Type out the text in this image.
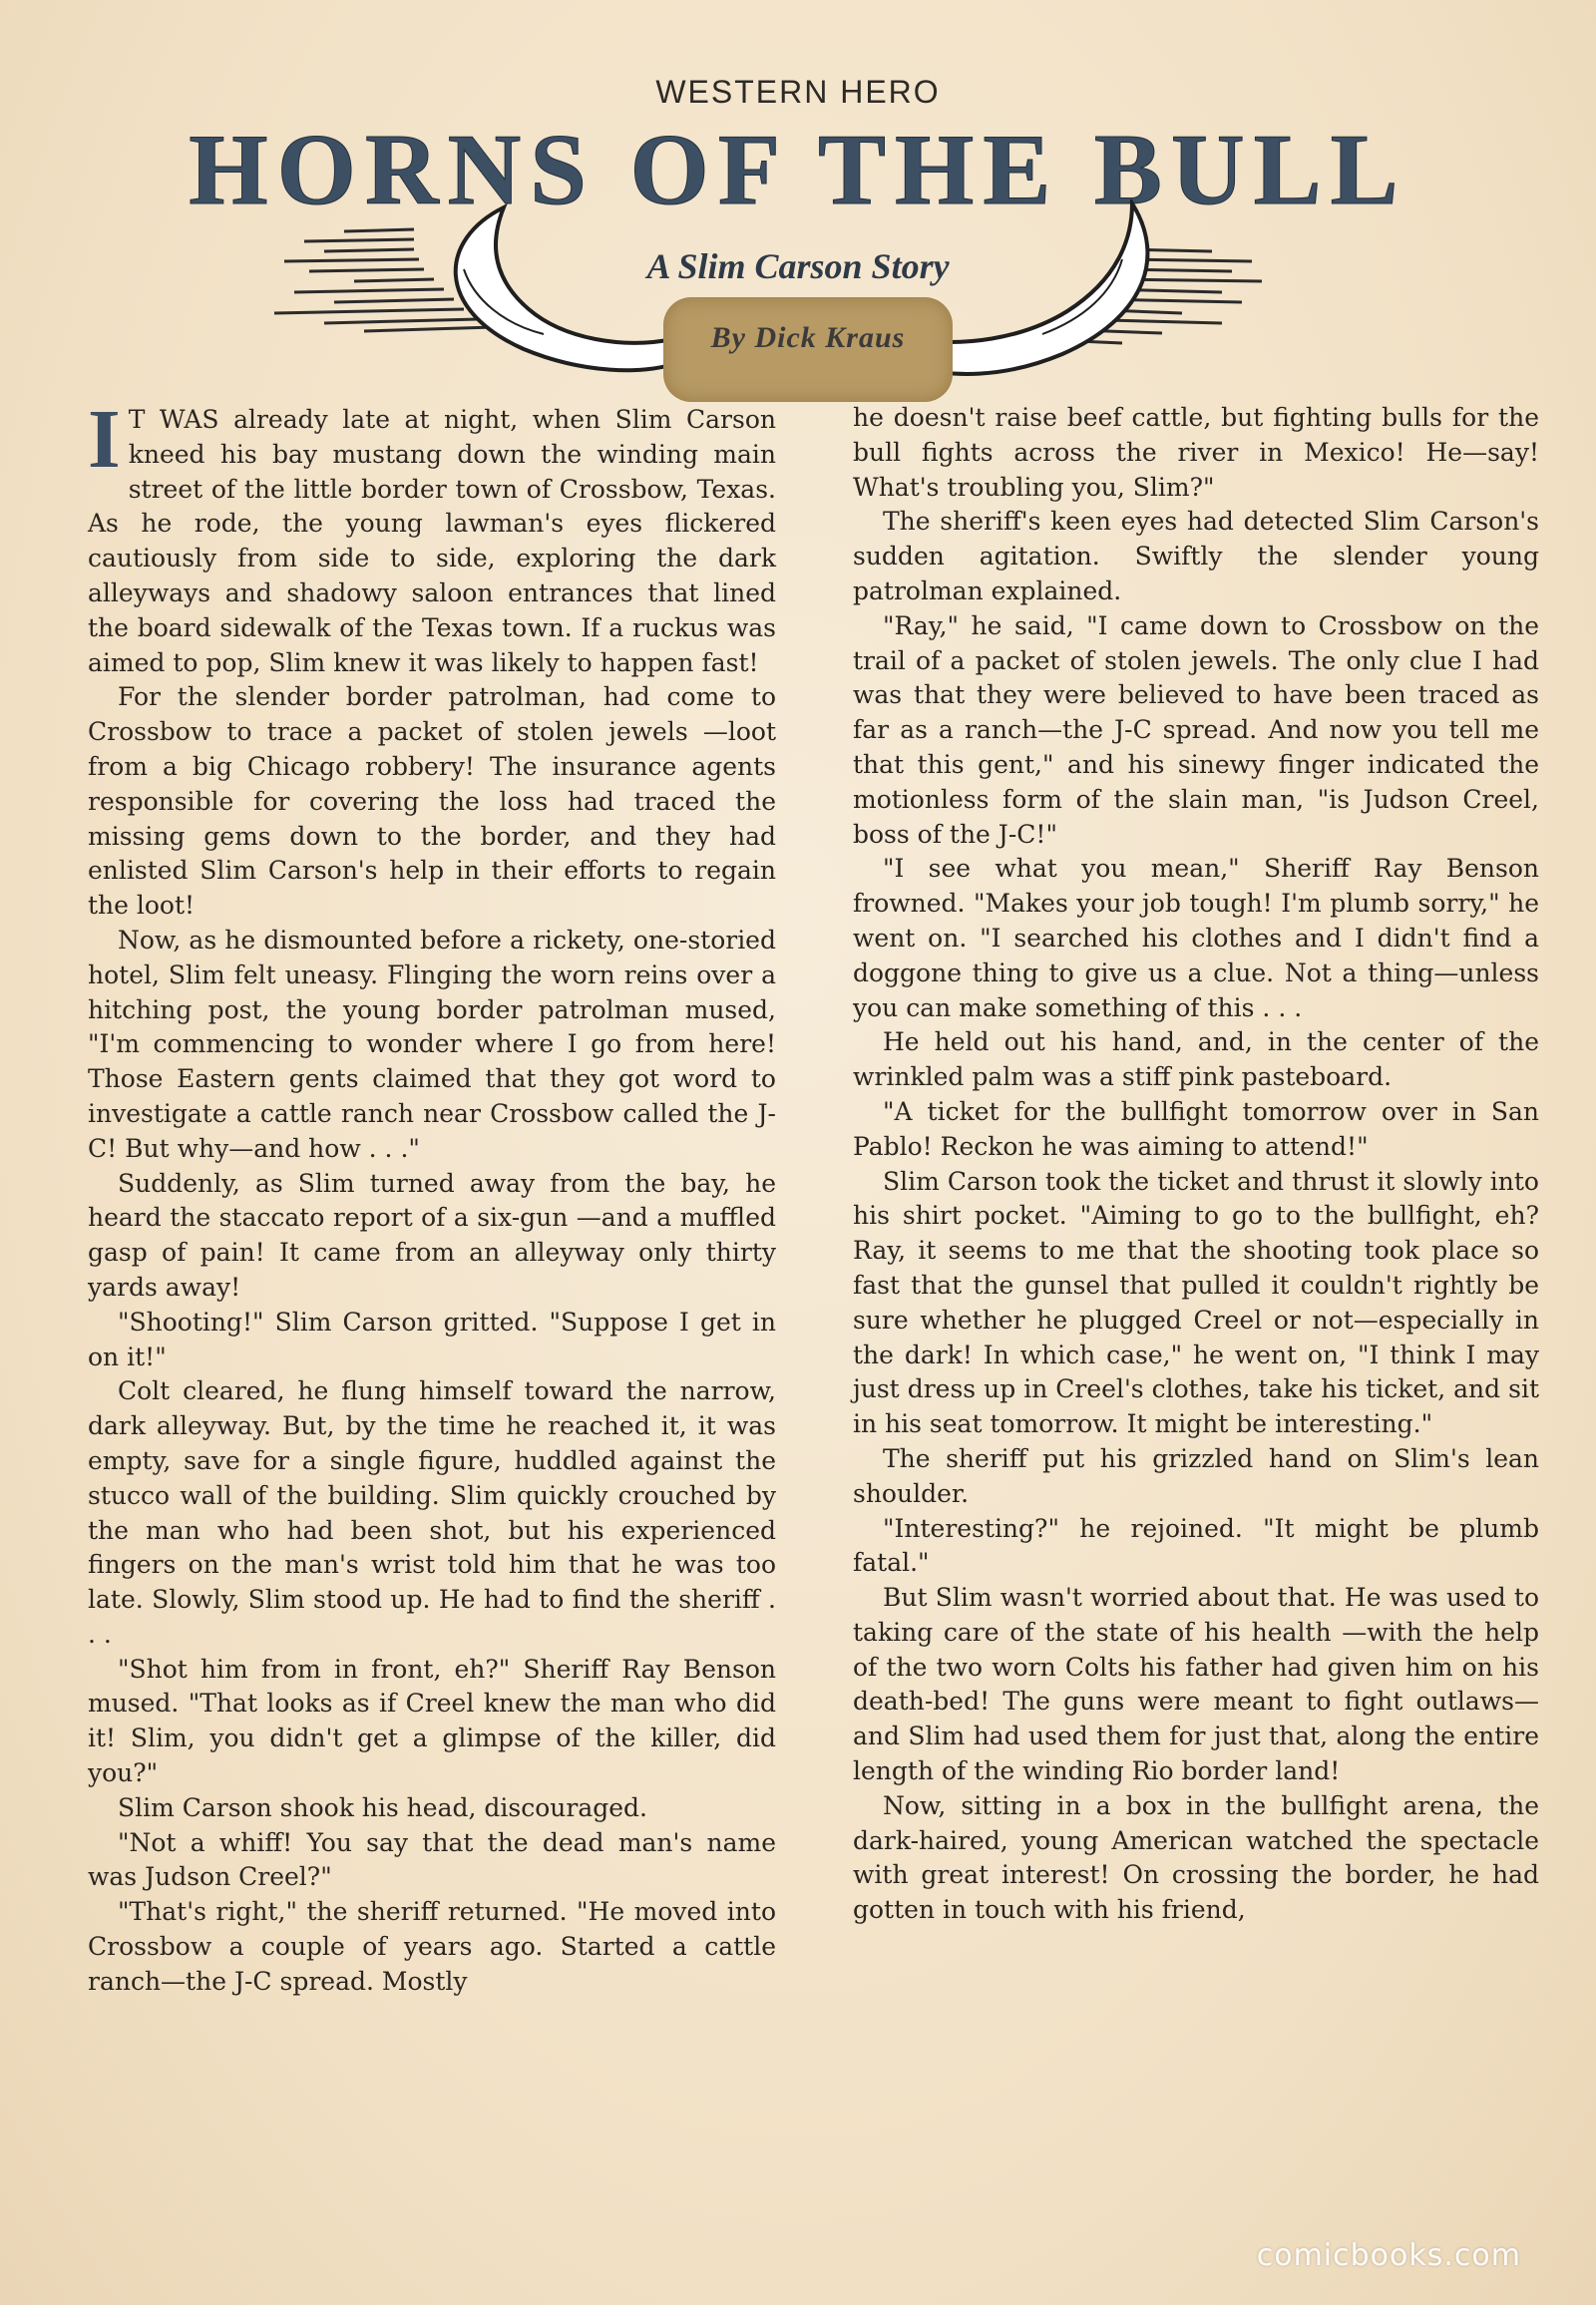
WESTERN HERO
HORNS OF THE BULL
A Slim Carson Story
By Dick Kraus

I T WAS already late at night, when Slim Carson kneed his bay mustang down the winding main street of the little border town of Crossbow, Texas. As he rode, the young lawman's eyes flickered cautiously from side to side, exploring the dark alleyways and shadowy saloon entrances that lined the board sidewalk of the Texas town. If a ruckus was aimed to pop, Slim knew it was likely to happen fast!

For the slender border patrolman, had come to Crossbow to trace a packet of stolen jewels —loot from a big Chicago robbery! The insurance agents responsible for covering the loss had traced the missing gems down to the border, and they had enlisted Slim Carson's help in their efforts to regain the loot!

Now, as he dismounted before a rickety, one-storied hotel, Slim felt uneasy. Flinging the worn reins over a hitching post, the young border patrolman mused, "I'm commencing to wonder where I go from here! Those Eastern gents claimed that they got word to investigate a cattle ranch near Crossbow called the J-C! But why—and how . . ."

Suddenly, as Slim turned away from the bay, he heard the staccato report of a six-gun —and a muffled gasp of pain! It came from an alleyway only thirty yards away!

"Shooting!" Slim Carson gritted. "Suppose I get in on it!"

Colt cleared, he flung himself toward the narrow, dark alleyway. But, by the time he reached it, it was empty, save for a single figure, huddled against the stucco wall of the building. Slim quickly crouched by the man who had been shot, but his experienced fingers on the man's wrist told him that he was too late. Slowly, Slim stood up. He had to find the sheriff . . .

"Shot him from in front, eh?" Sheriff Ray Benson mused. "That looks as if Creel knew the man who did it! Slim, you didn't get a glimpse of the killer, did you?"

Slim Carson shook his head, discouraged.

"Not a whiff! You say that the dead man's name was Judson Creel?"

"That's right," the sheriff returned. "He moved into Crossbow a couple of years ago. Started a cattle ranch—the J-C spread. Mostly

he doesn't raise beef cattle, but fighting bulls for the bull fights across the river in Mexico! He—say! What's troubling you, Slim?"

The sheriff's keen eyes had detected Slim Carson's sudden agitation. Swiftly the slender young patrolman explained.

"Ray," he said, "I came down to Crossbow on the trail of a packet of stolen jewels. The only clue I had was that they were believed to have been traced as far as a ranch—the J-C spread. And now you tell me that this gent," and his sinewy finger indicated the motionless form of the slain man, "is Judson Creel, boss of the J-C!"

"I see what you mean," Sheriff Ray Benson frowned. "Makes your job tough! I'm plumb sorry," he went on. "I searched his clothes and I didn't find a doggone thing to give us a clue. Not a thing—unless you can make something of this . . .

He held out his hand, and, in the center of the wrinkled palm was a stiff pink pasteboard.

"A ticket for the bullfight tomorrow over in San Pablo! Reckon he was aiming to attend!"

Slim Carson took the ticket and thrust it slowly into his shirt pocket. "Aiming to go to the bullfight, eh? Ray, it seems to me that the shooting took place so fast that the gunsel that pulled it couldn't rightly be sure whether he plugged Creel or not—especially in the dark! In which case," he went on, "I think I may just dress up in Creel's clothes, take his ticket, and sit in his seat tomorrow. It might be interesting."

The sheriff put his grizzled hand on Slim's lean shoulder.

"Interesting?" he rejoined. "It might be plumb fatal."

But Slim wasn't worried about that. He was used to taking care of the state of his health —with the help of the two worn Colts his father had given him on his death-bed! The guns were meant to fight outlaws—and Slim had used them for just that, along the entire length of the winding Rio border land!

Now, sitting in a box in the bullfight arena, the dark-haired, young American watched the spectacle with great interest! On crossing the border, he had gotten in touch with his friend,

comicbooks.com
